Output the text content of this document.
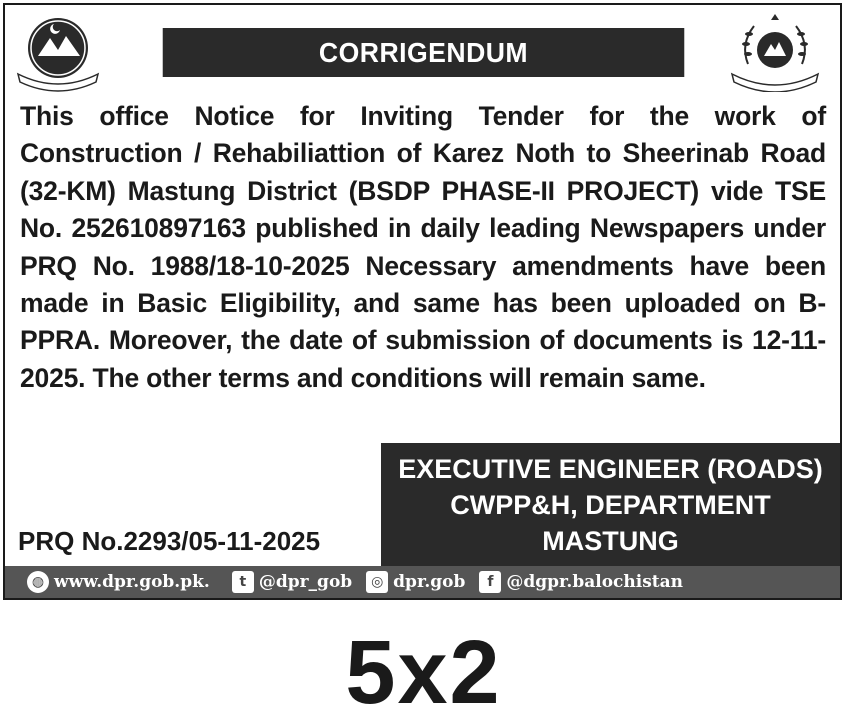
CORRIGENDUM
This office Notice for Inviting Tender for the work of Construction / Rehabiliattion of Karez Noth to Sheerinab Road (32-KM) Mastung District (BSDP PHASE-II PROJECT) vide TSE No. 252610897163 published in daily leading Newspapers under PRQ No. 1988/18-10-2025 Necessary amendments have been made in Basic Eligibility, and same has been uploaded on B-PPRA. Moreover, the date of submission of documents is 12-11-2025. The other terms and conditions will remain same.
EXECUTIVE ENGINEER (ROADS)
CWPP&H, DEPARTMENT
MASTUNG
PRQ No.2293/05-11-2025
◍ www.dpr.gob.pk.	t @dpr_gob	◎ dpr.gob	f @dgpr.balochistan
5x2
